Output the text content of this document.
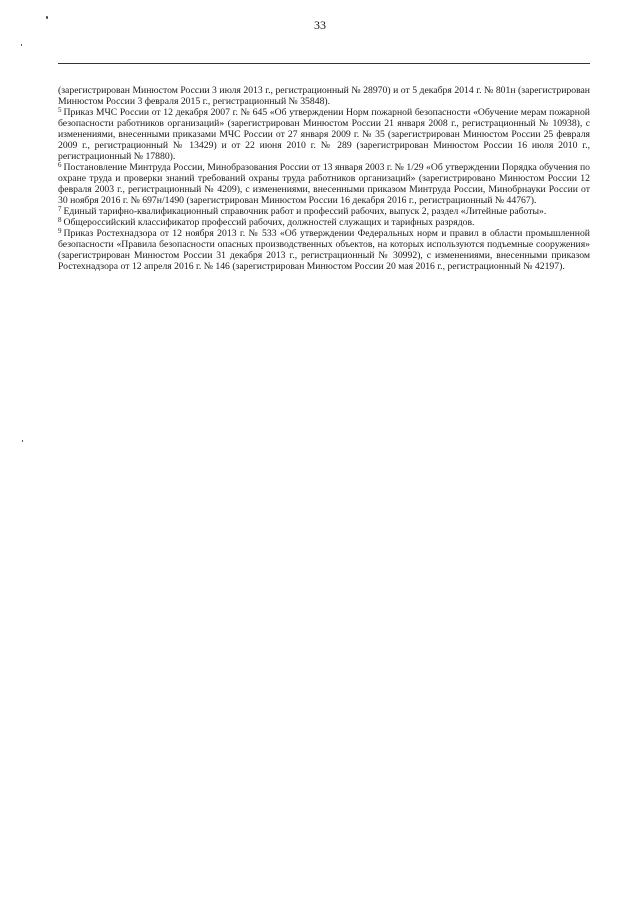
33

(зарегистрирован Минюстом России 3 июля 2013 г., регистрационный № 28970) и от 5 декабря 2014 г. № 801н (зарегистрирован Минюстом России 3 февраля 2015 г., регистрационный № 35848).

$^5$ Приказ МЧС России от 12 декабря 2007 г. № 645 «Об утверждении Норм пожарной безопасности «Обучение мерам пожарной безопасности работников организаций» (зарегистрирован Минюстом России 21 января 2008 г., регистрационный № 10938), с изменениями, внесенными приказами МЧС России от 27 января 2009 г. № 35 (зарегистрирован Минюстом России 25 февраля 2009 г., регистрационный № 13429) и от 22 июня 2010 г. № 289 (зарегистрирован Минюстом России 16 июля 2010 г., регистрационный № 17880).

$^6$ Постановление Минтруда России, Минобразования России от 13 января 2003 г. № 1/29 «Об утверждении Порядка обучения по охране труда и проверки знаний требований охраны труда работников организаций» (зарегистрировано Минюстом России 12 февраля 2003 г., регистрационный № 4209), с изменениями, внесенными приказом Минтруда России, Минобрнауки России от 30 ноября 2016 г. № 697н/1490 (зарегистрирован Минюстом России 16 декабря 2016 г., регистрационный № 44767).

$^7$ Единый тарифно-квалификационный справочник работ и профессий рабочих, выпуск 2, раздел «Литейные работы».

$^8$ Общероссийский классификатор профессий рабочих, должностей служащих и тарифных разрядов.

$^9$ Приказ Ростехнадзора от 12 ноября 2013 г. № 533 «Об утверждении Федеральных норм и правил в области промышленной безопасности «Правила безопасности опасных производственных объектов, на которых используются подъемные сооружения» (зарегистрирован Минюстом России 31 декабря 2013 г., регистрационный № 30992), с изменениями, внесенными приказом Ростехнадзора от 12 апреля 2016 г. № 146 (зарегистрирован Минюстом России 20 мая 2016 г., регистрационный № 42197).
